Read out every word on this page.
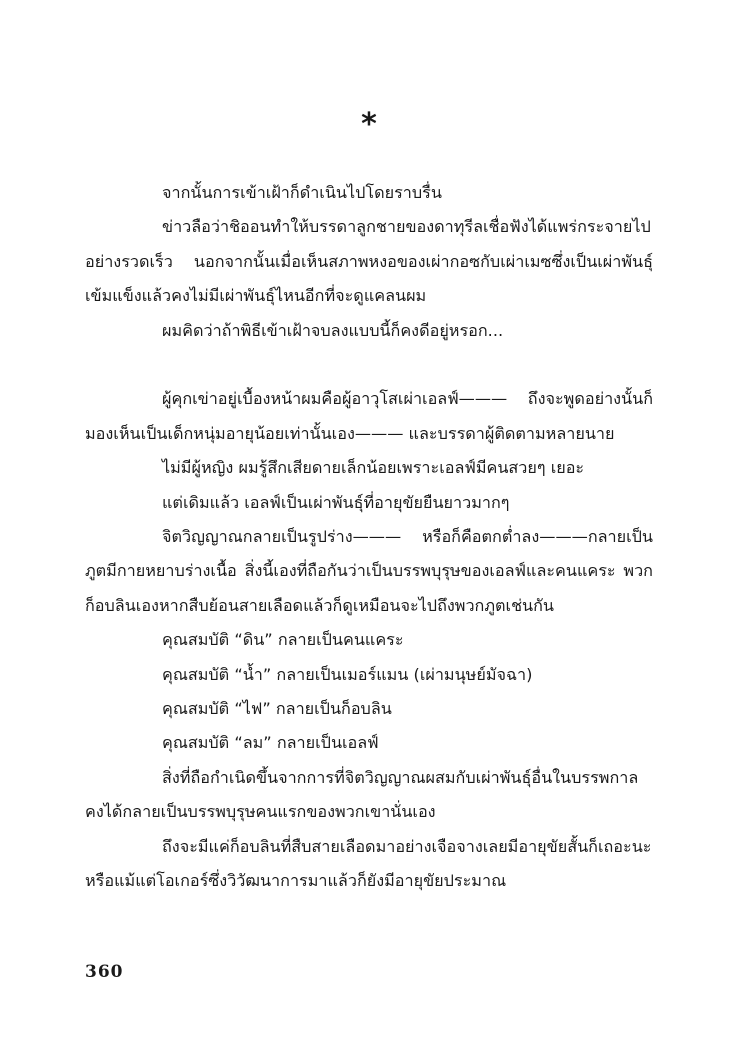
*

จากนั้นการเข้าเฝ้าก็ดำเนินไปโดยราบรื่น

ข่าวลือว่าชิออนทำให้บรรดาลูกชายของดาทุรีลเชื่อฟังได้แพร่กระจายไปอย่างรวดเร็ว นอกจากนั้นเมื่อเห็นสภาพหงอของเผ่ากอซกับเผ่าเมซซึ่งเป็นเผ่าพันธุ์เข้มแข็งแล้วคงไม่มีเผ่าพันธุ์ไหนอีกที่จะดูแคลนผม

ผมคิดว่าถ้าพิธีเข้าเฝ้าจบลงแบบนี้ก็คงดีอยู่หรอก...

ผู้คุกเข่าอยู่เบื้องหน้าผมคือผู้อาวุโสเผ่าเอลฟ์——— ถึงจะพูดอย่างนั้นก็มองเห็นเป็นเด็กหนุ่มอายุน้อยเท่านั้นเอง——— และบรรดาผู้ติดตามหลายนาย

ไม่มีผู้หญิง ผมรู้สึกเสียดายเล็กน้อยเพราะเอลฟ์มีคนสวยๆ เยอะ

แต่เดิมแล้ว เอลฟ์เป็นเผ่าพันธุ์ที่อายุขัยยืนยาวมากๆ

จิตวิญญาณกลายเป็นรูปร่าง——— หรือก็คือตกต่ำลง———กลายเป็นภูตมีกายหยาบร่างเนื้อ สิ่งนี้เองที่ถือกันว่าเป็นบรรพบุรุษของเอลฟ์และคนแคระ พวกก็อบลินเองหากสืบย้อนสายเลือดแล้วก็ดูเหมือนจะไปถึงพวกภูตเช่นกัน

คุณสมบัติ “ดิน” กลายเป็นคนแคระ

คุณสมบัติ “น้ำ” กลายเป็นเมอร์แมน (เผ่ามนุษย์มัจฉา)

คุณสมบัติ “ไฟ” กลายเป็นก็อบลิน

คุณสมบัติ “ลม” กลายเป็นเอลฟ์

สิ่งที่ถือกำเนิดขึ้นจากการที่จิตวิญญาณผสมกับเผ่าพันธุ์อื่นในบรรพกาลคงได้กลายเป็นบรรพบุรุษคนแรกของพวกเขานั่นเอง

ถึงจะมีแค่ก็อบลินที่สืบสายเลือดมาอย่างเจือจางเลยมีอายุขัยสั้นก็เถอะนะ หรือแม้แต่โอเกอร์ซึ่งวิวัฒนาการมาแล้วก็ยังมีอายุขัยประมาณ

360
